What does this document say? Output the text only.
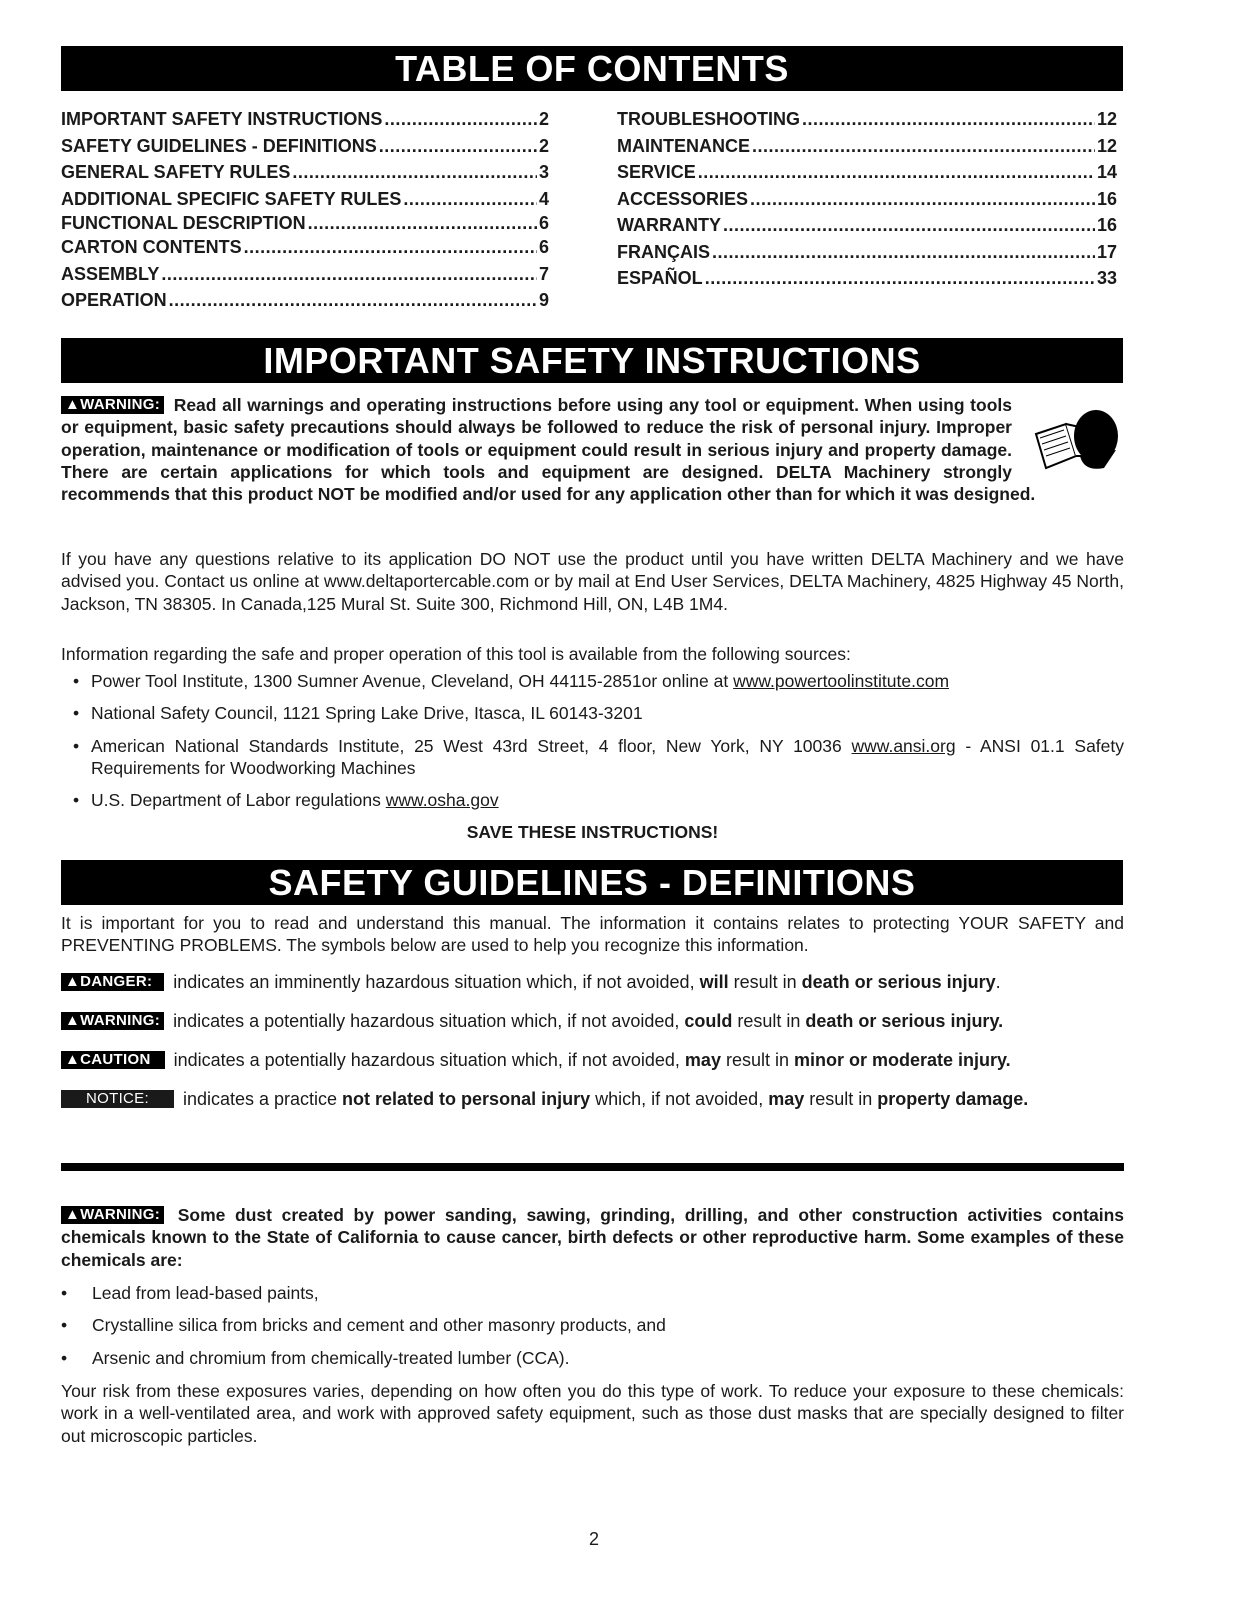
TABLE OF CONTENTS
IMPORTANT SAFETY INSTRUCTIONS .....	2
SAFETY GUIDELINES - DEFINITIONS .....	2
GENERAL SAFETY RULES .....	3
ADDITIONAL SPECIFIC SAFETY RULES .....	4
FUNCTIONAL DESCRIPTION .....	6
CARTON CONTENTS .....	6
ASSEMBLY .....	7
OPERATION .....	9
TROUBLESHOOTING .....	12
MAINTENANCE .....	12
SERVICE .....	14
ACCESSORIES .....	16
WARRANTY .....	16
FRANÇAIS .....	17
ESPAÑOL .....	33
IMPORTANT SAFETY INSTRUCTIONS
▲WARNING: Read all warnings and operating instructions before using any tool or equipment. When using tools or equipment, basic safety precautions should always be followed to reduce the risk of personal injury. Improper operation, maintenance or modification of tools or equipment could result in serious injury and property damage. There are certain applications for which tools and equipment are designed. DELTA Machinery strongly recommends that this product NOT be modified and/or used for any application other than for which it was designed.
If you have any questions relative to its application DO NOT use the product until you have written DELTA Machinery and we have advised you. Contact us online at www.deltaportercable.com or by mail at End User Services, DELTA Machinery, 4825 Highway 45 North, Jackson, TN 38305. In Canada,125 Mural St. Suite 300, Richmond Hill, ON, L4B 1M4.
Information regarding the safe and proper operation of this tool is available from the following sources:
• Power Tool Institute, 1300 Sumner Avenue, Cleveland, OH 44115-2851or online at www.powertoolinstitute.com
• National Safety Council, 1121 Spring Lake Drive, Itasca, IL 60143-3201
• American National Standards Institute, 25 West 43rd Street, 4 floor, New York, NY 10036 www.ansi.org - ANSI 01.1 Safety Requirements for Woodworking Machines
• U.S. Department of Labor regulations www.osha.gov
SAVE THESE INSTRUCTIONS!
SAFETY GUIDELINES - DEFINITIONS
It is important for you to read and understand this manual. The information it contains relates to protecting YOUR SAFETY and PREVENTING PROBLEMS. The symbols below are used to help you recognize this information.
▲DANGER: indicates an imminently hazardous situation which, if not avoided, will result in death or serious injury.
▲WARNING: indicates a potentially hazardous situation which, if not avoided, could result in death or serious injury.
▲CAUTION indicates a potentially hazardous situation which, if not avoided, may result in minor or moderate injury.
NOTICE: indicates a practice not related to personal injury which, if not avoided, may result in property damage.
▲WARNING: Some dust created by power sanding, sawing, grinding, drilling, and other construction activities contains chemicals known to the State of California to cause cancer, birth defects or other reproductive harm. Some examples of these chemicals are:
•	Lead from lead-based paints,
•	Crystalline silica from bricks and cement and other masonry products, and
•	Arsenic and chromium from chemically-treated lumber (CCA).
Your risk from these exposures varies, depending on how often you do this type of work. To reduce your exposure to these chemicals: work in a well-ventilated area, and work with approved safety equipment, such as those dust masks that are specially designed to filter out microscopic particles.
2
